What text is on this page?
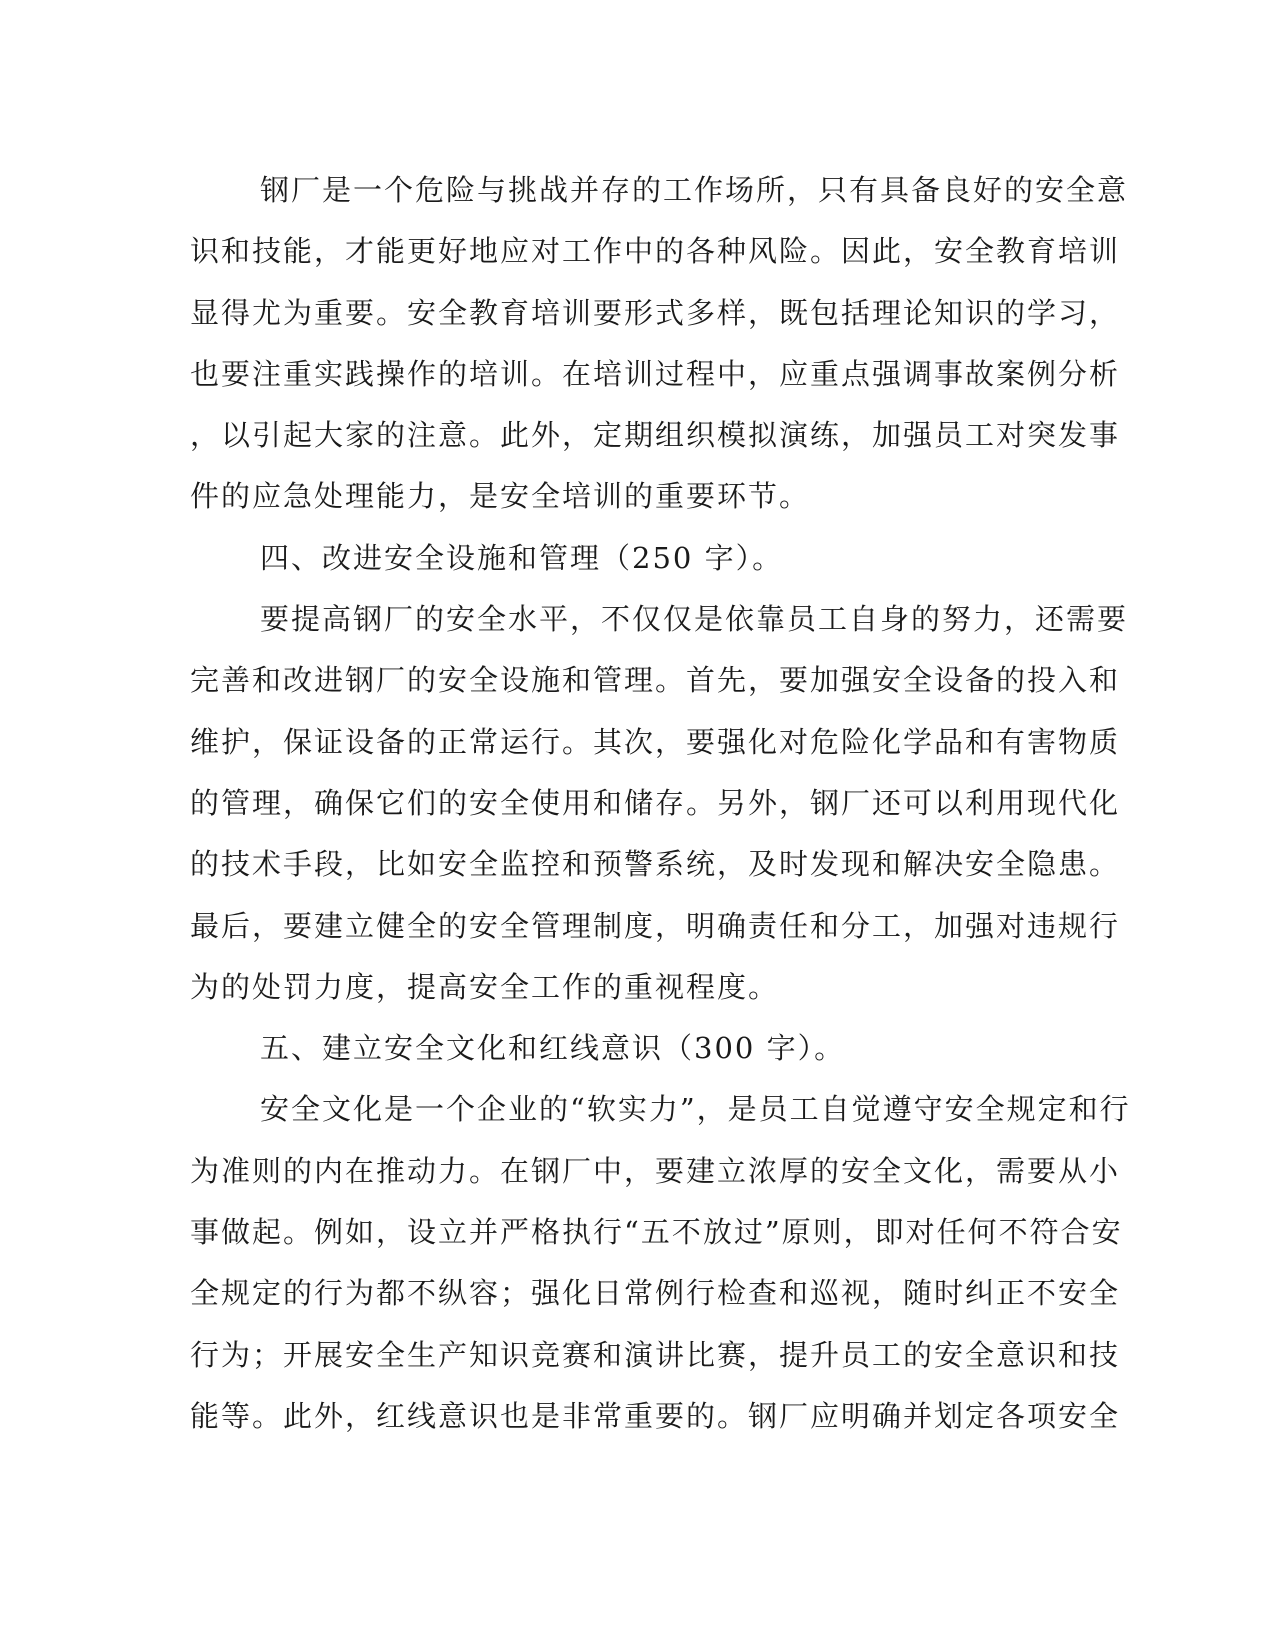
钢厂是一个危险与挑战并存的工作场所，只有具备良好的安全意
识和技能，才能更好地应对工作中的各种风险。因此，安全教育培训
显得尤为重要。安全教育培训要形式多样，既包括理论知识的学习，
也要注重实践操作的培训。在培训过程中，应重点强调事故案例分析
，以引起大家的注意。此外，定期组织模拟演练，加强员工对突发事
件的应急处理能力，是安全培训的重要环节。
四、改进安全设施和管理（250 字）。
要提高钢厂的安全水平，不仅仅是依靠员工自身的努力，还需要
完善和改进钢厂的安全设施和管理。首先，要加强安全设备的投入和
维护，保证设备的正常运行。其次，要强化对危险化学品和有害物质
的管理，确保它们的安全使用和储存。另外，钢厂还可以利用现代化
的技术手段，比如安全监控和预警系统，及时发现和解决安全隐患。
最后，要建立健全的安全管理制度，明确责任和分工，加强对违规行
为的处罚力度，提高安全工作的重视程度。
五、建立安全文化和红线意识（300 字）。
安全文化是一个企业的“软实力”，是员工自觉遵守安全规定和行
为准则的内在推动力。在钢厂中，要建立浓厚的安全文化，需要从小
事做起。例如，设立并严格执行“五不放过”原则，即对任何不符合安
全规定的行为都不纵容；强化日常例行检查和巡视，随时纠正不安全
行为；开展安全生产知识竞赛和演讲比赛，提升员工的安全意识和技
能等。此外，红线意识也是非常重要的。钢厂应明确并划定各项安全
